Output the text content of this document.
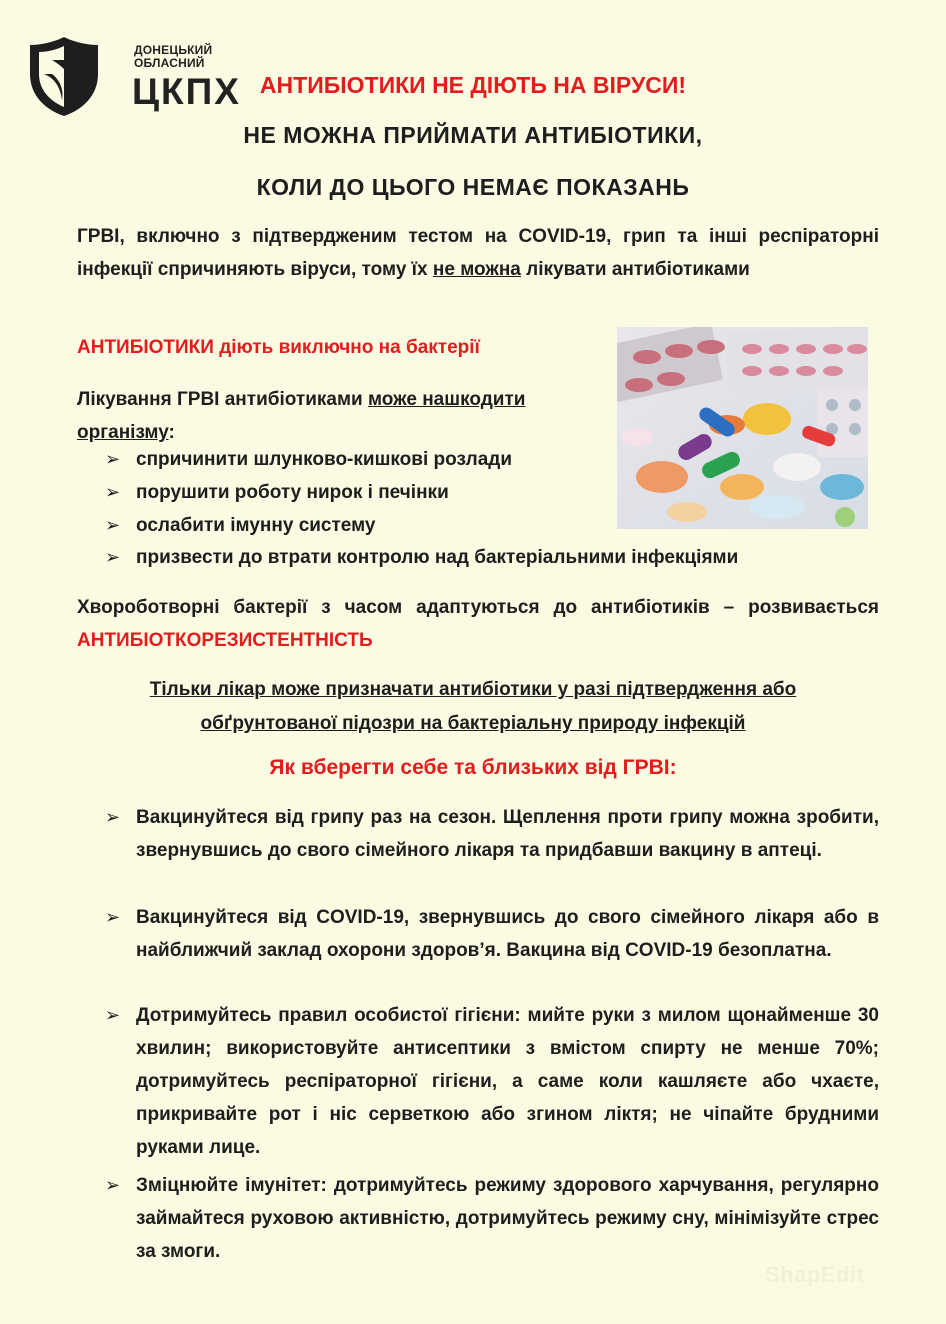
ДОНЕЦЬКИЙ
ОБЛАСНИЙ
ЦКПХ АНТИБІОТИКИ НЕ ДІЮТЬ НА ВІРУСИ!
НЕ МОЖНА ПРИЙМАТИ АНТИБІОТИКИ,
КОЛИ ДО ЦЬОГО НЕМАЄ ПОКАЗАНЬ
ГРВІ, включно з підтвердженим тестом на COVID-19, грип та інші респіраторні інфекції спричиняють віруси, тому їх не можна лікувати антибіотиками
АНТИБІОТИКИ діють виключно на бактерії
Лікування ГРВІ антибіотиками може нашкодити організму:
➢ спричинити шлунково-кишкові розлади
➢ порушити роботу нирок і печінки
➢ ослабити імунну систему
➢ призвести до втрати контролю над бактеріальними інфекціями
Хвороботворні бактерії з часом адаптуються до антибіотиків – розвивається АНТИБІОТКОРЕЗИСТЕНТНІСТЬ
Тільки лікар може призначати антибіотики у разі підтвердження або
обґрунтованої підозри на бактеріальну природу інфекцій
Як вберегти себе та близьких від ГРВІ:
➢ Вакцинуйтеся від грипу раз на сезон. Щеплення проти грипу можна зробити, звернувшись до свого сімейного лікаря та придбавши вакцину в аптеці.
➢ Вакцинуйтеся від COVID-19, звернувшись до свого сімейного лікаря або в найближчий заклад охорони здоров’я. Вакцина від COVID-19 безоплатна.
➢ Дотримуйтесь правил особистої гігієни: мийте руки з милом щонайменше 30 хвилин; використовуйте антисептики з вмістом спирту не менше 70%; дотримуйтесь респіраторної гігієни, а саме коли кашляєте або чхаєте, прикривайте рот і ніс серветкою або згином ліктя; не чіпайте брудними руками лице.
➢ Зміцнюйте імунітет: дотримуйтесь режиму здорового харчування, регулярно займайтеся руховою активністю, дотримуйтесь режиму сну, мінімізуйте стрес за змоги.
ShapEdit
